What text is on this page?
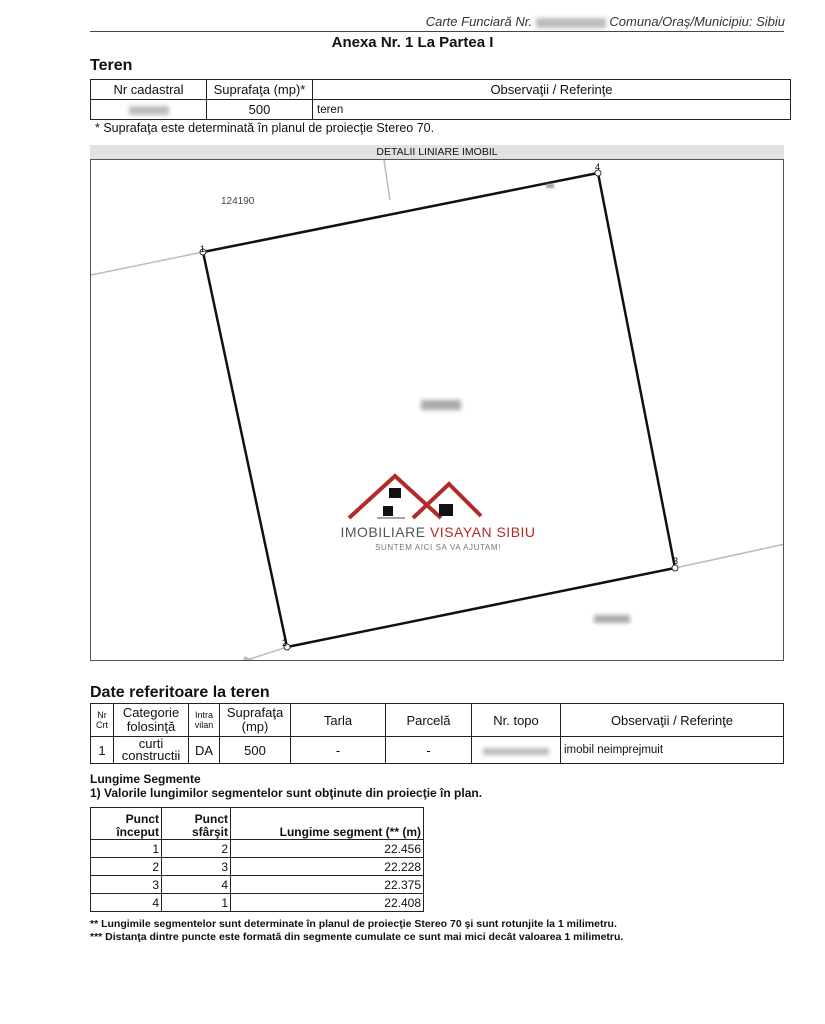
Carte Funciară Nr.	Comuna/Oraş/Municipiu: Sibiu
Anexa Nr. 1 La Partea I
Teren
Nr cadastral	Suprafaţa (mp)*	Observaţii / Referinţe
	500	teren
* Suprafaţa este determinată în planul de proiecţie Stereo 70.
DETALII LINIARE IMOBIL
1
2
3
4
124190
IMOBILIARE VISAYAN SIBIU
SUNTEM AICI SA VA AJUTAM!
Date referitoare la teren
Nr Crt	Categorie folosinţă	Intra vilan	Suprafaţa (mp)	Tarla	Parcelă	Nr. topo	Observaţii / Referinţe
1	curti constructii	DA	500	-	-		imobil neimprejmuit
Lungime Segmente
1) Valorile lungimilor segmentelor sunt obţinute din proiecţie în plan.
Punct început	Punct sfârşit	Lungime segment (** (m)
1	2	22.456
2	3	22.228
3	4	22.375
4	1	22.408
** Lungimile segmentelor sunt determinate în planul de proiecţie Stereo 70 şi sunt rotunjite la 1 milimetru.
*** Distanţa dintre puncte este formată din segmente cumulate ce sunt mai mici decât valoarea 1 milimetru.
